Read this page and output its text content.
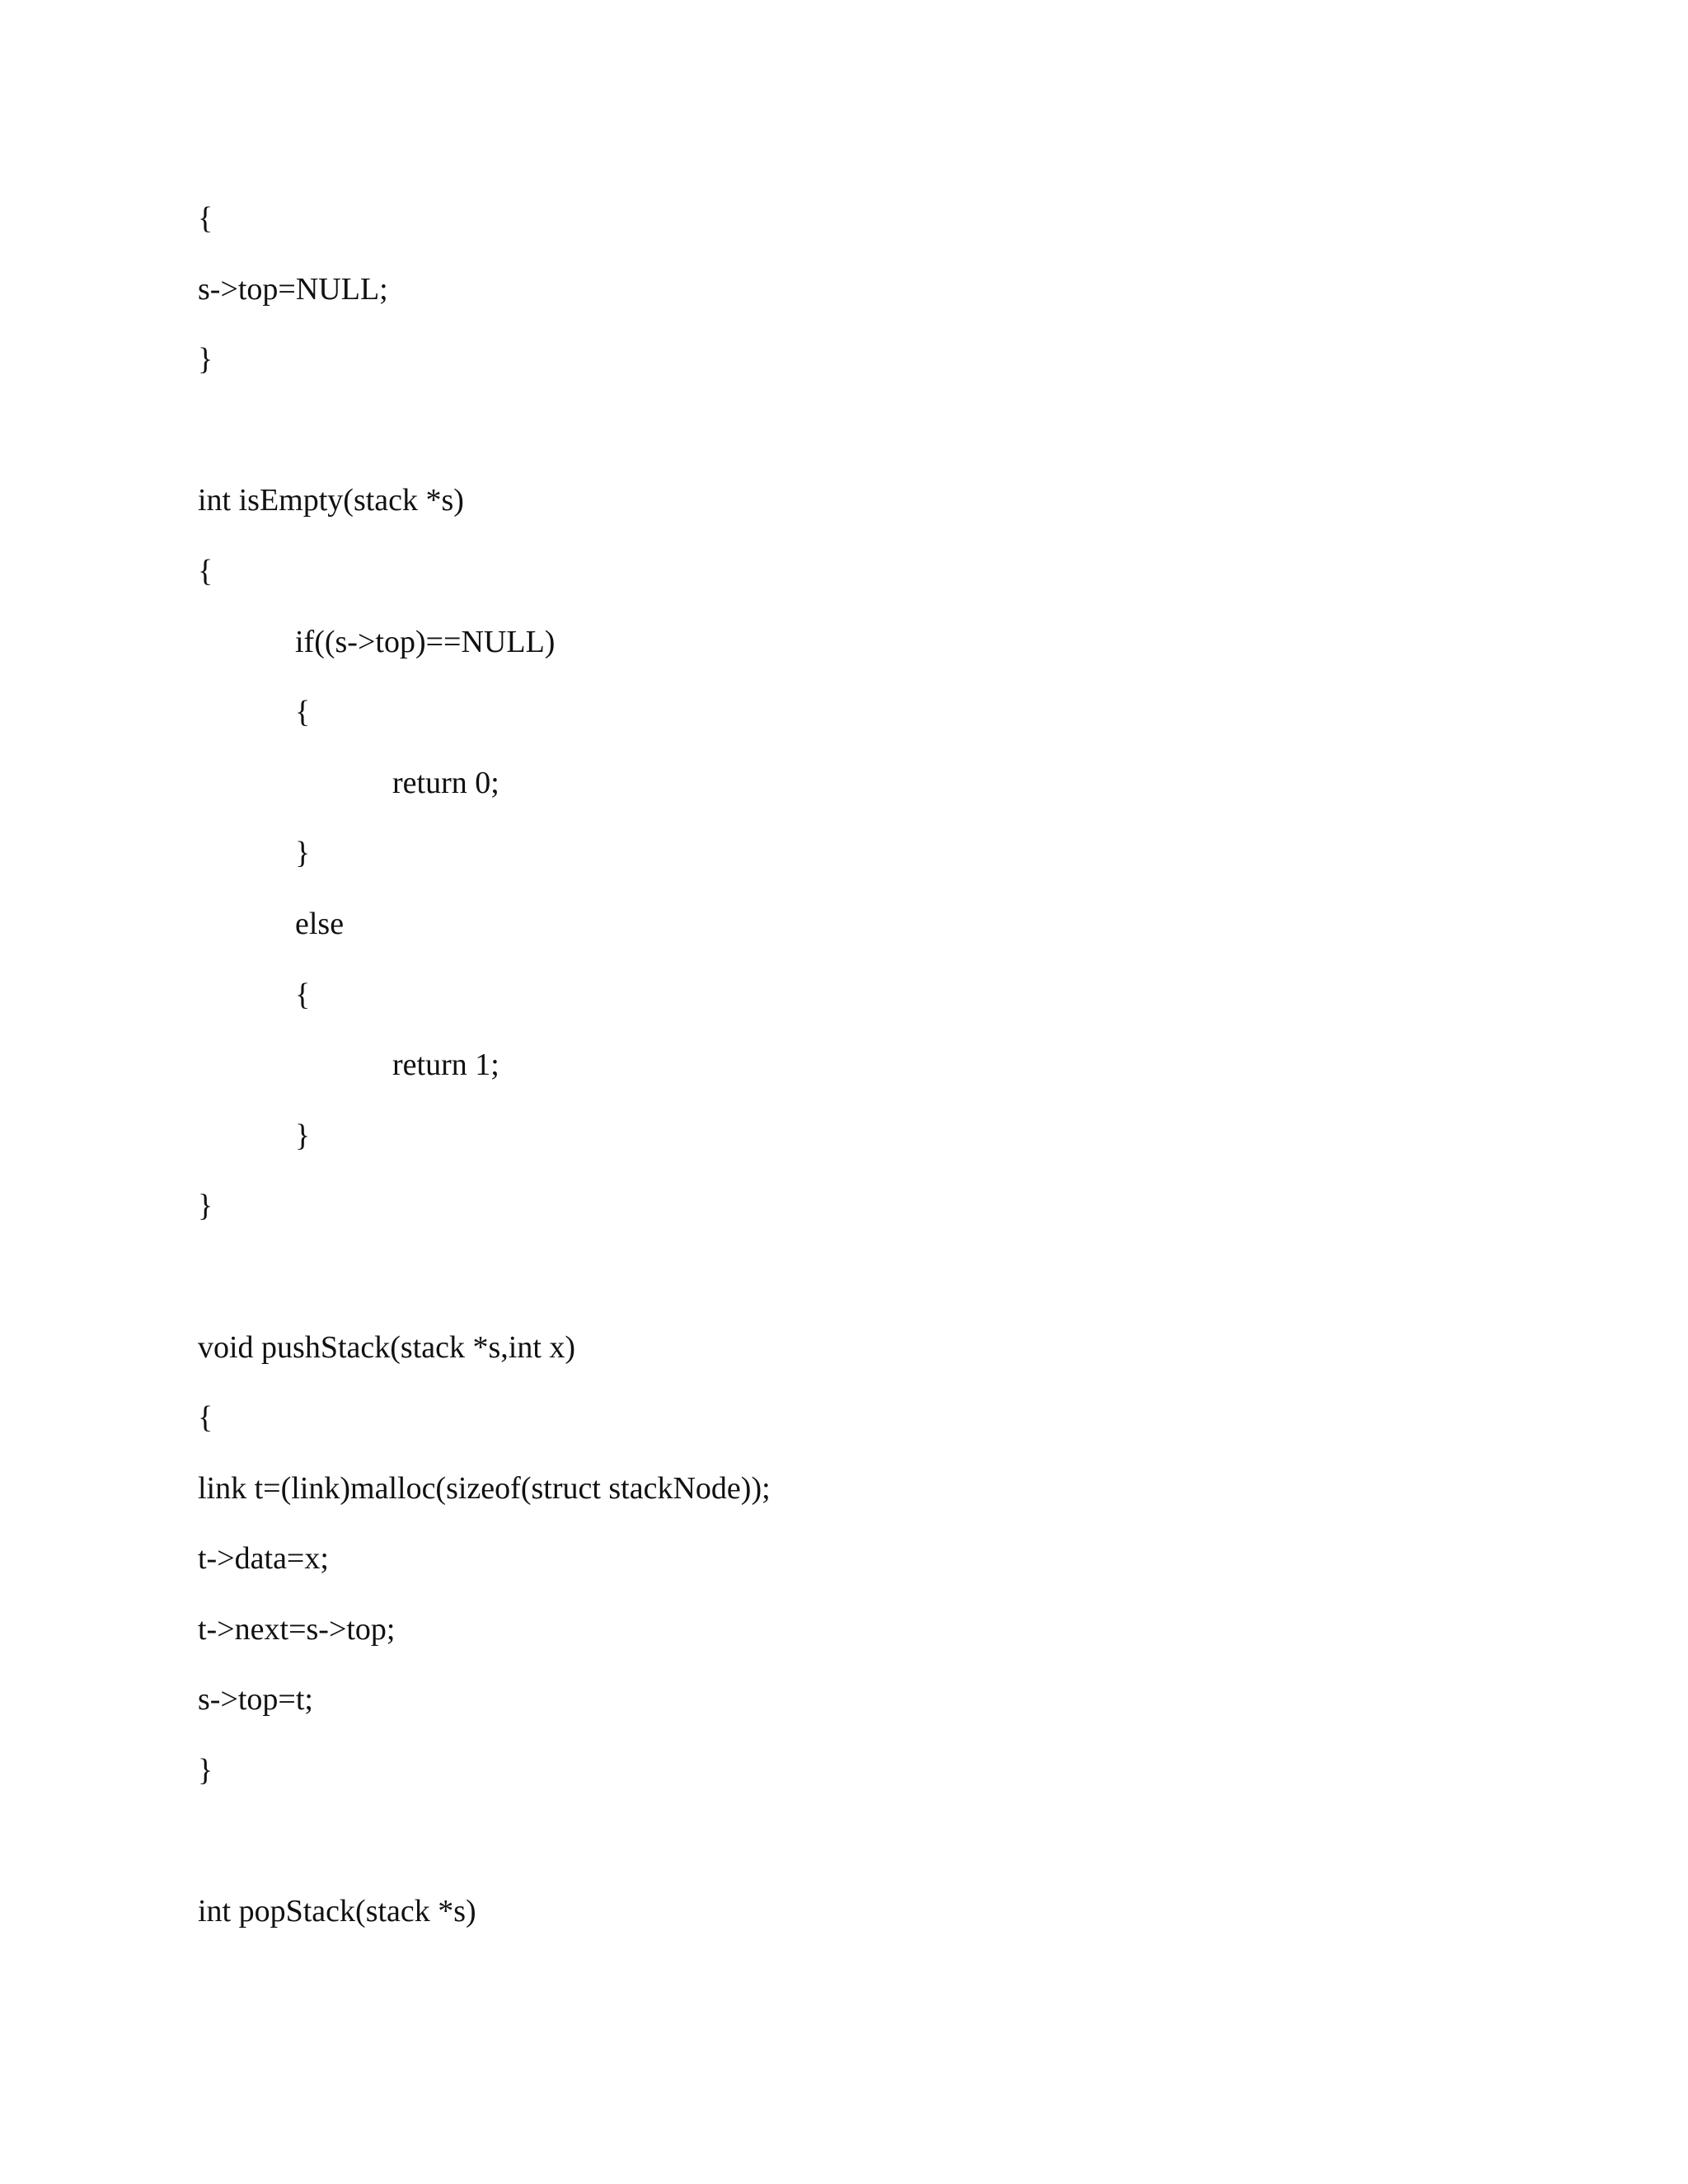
{
s->top=NULL;
}
int isEmpty(stack *s)
{
if((s->top)==NULL)
{
return 0;
}
else
{
return 1;
}
}
void pushStack(stack *s,int x)
{
link t=(link)malloc(sizeof(struct stackNode));
t->data=x;
t->next=s->top;
s->top=t;
}
int popStack(stack *s)
